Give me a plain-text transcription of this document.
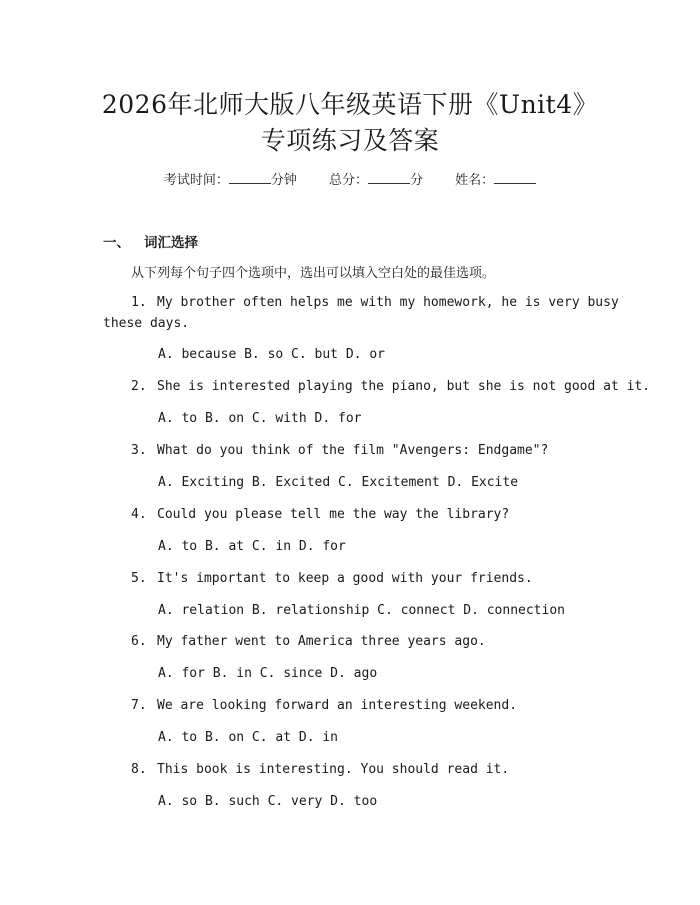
2026年北师大版八年级英语下册《Unit4》
专项练习及答案
考试时间：	分钟 总分：	分 姓名：
一、 词汇选择
从下列每个句子四个选项中，选出可以填入空白处的最佳选项。
1. My brother often helps me with my homework, he is very busy
these days.
A. because B. so C. but D. or
2. She is interested playing the piano, but she is not good at it.
A. to B. on C. with D. for
3. What do you think of the film "Avengers: Endgame"?
A. Exciting B. Excited C. Excitement D. Excite
4. Could you please tell me the way the library?
A. to B. at C. in D. for
5. It's important to keep a good with your friends.
A. relation B. relationship C. connect D. connection
6. My father went to America three years ago.
A. for B. in C. since D. ago
7. We are looking forward an interesting weekend.
A. to B. on C. at D. in
8. This book is interesting. You should read it.
A. so B. such C. very D. too
